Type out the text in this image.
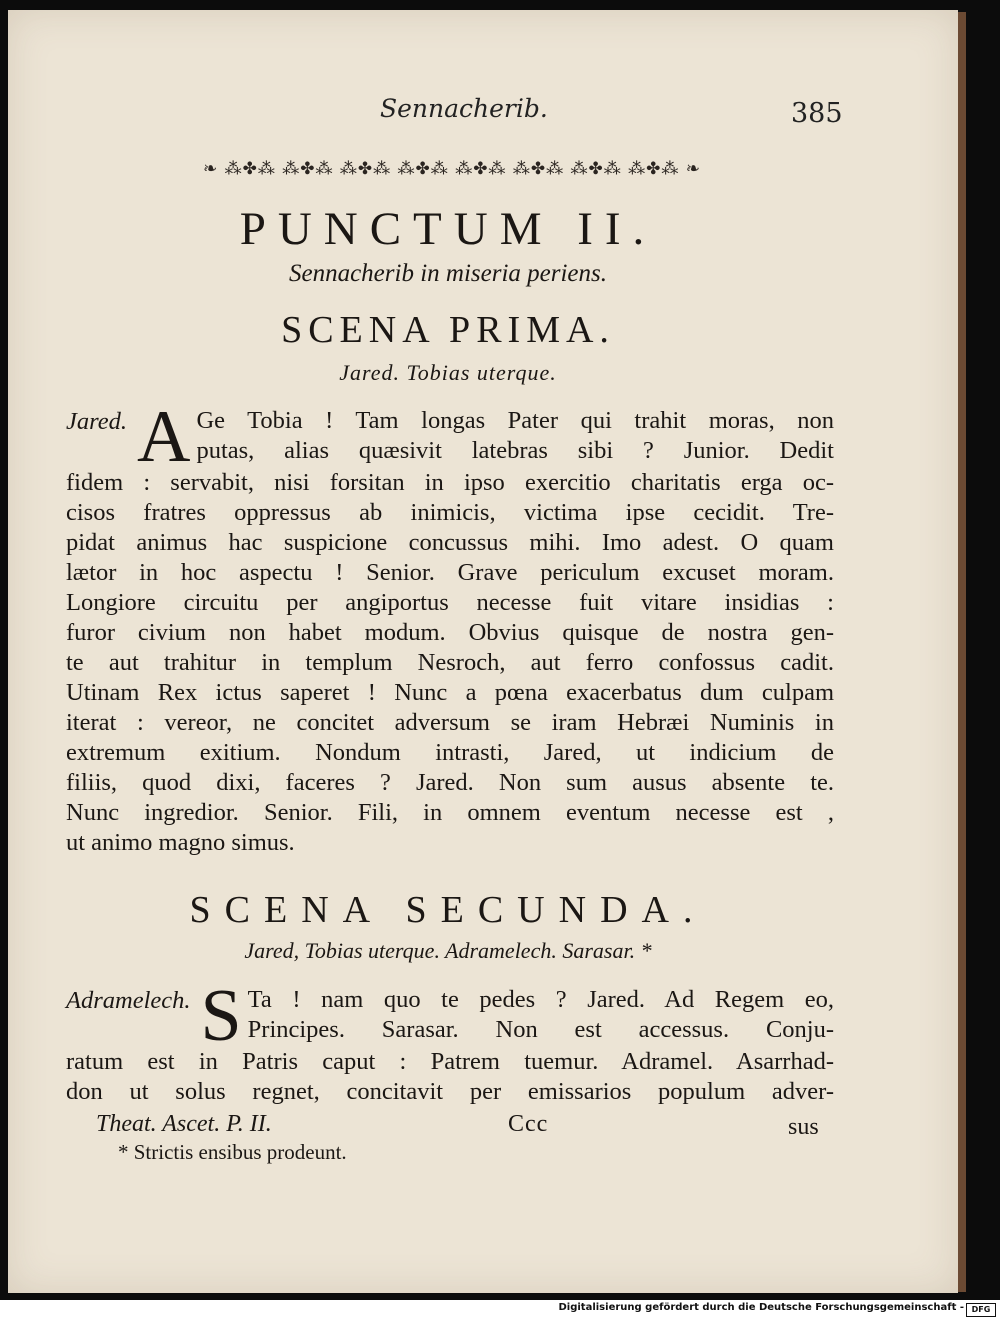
Sennacherib.	385
❧ ⁂✤⁂ ⁂✤⁂ ⁂✤⁂ ⁂✤⁂ ⁂✤⁂ ⁂✤⁂ ⁂✤⁂ ⁂✤⁂ ❧
PUNCTUM II.
Sennacherib in miseria periens.
SCENA PRIMA.
Jared. Tobias uterque.
Jared. A Ge Tobia ! Tam longas Pater qui trahit moras, non
putas, alias quæsivit latebras sibi ? Junior. Dedit
fidem : servabit, nisi forsitan in ipso exercitio charitatis erga oc-
cisos fratres oppressus ab inimicis, victima ipse cecidit. Tre-
pidat animus hac suspicione concussus mihi. Imo adest. O quam
lætor in hoc aspectu ! Senior. Grave periculum excuset moram.
Longiore circuitu per angiportus necesse fuit vitare insidias :
furor civium non habet modum. Obvius quisque de nostra gen-
te aut trahitur in templum Nesroch, aut ferro confossus cadit.
Utinam Rex ictus saperet ! Nunc a pœna exacerbatus dum culpam
iterat : vereor, ne concitet adversum se iram Hebræi Numinis in
extremum exitium. Nondum intrasti, Jared, ut indicium de
filiis, quod dixi, faceres ? Jared. Non sum ausus absente te.
Nunc ingredior. Senior. Fili, in omnem eventum necesse est ,
ut animo magno simus.
SCENA SECUNDA.
Jared, Tobias uterque. Adramelech. Sarasar. *
Adramelech. S Ta ! nam quo te pedes ? Jared. Ad Regem eo,
Principes. Sarasar. Non est accessus. Conju-
ratum est in Patris caput : Patrem tuemur. Adramel. Asarrhad-
don ut solus regnet, concitavit per emissarios populum adver-
Theat. Ascet. P. II.	Ccc	sus
* Strictis ensibus prodeunt.
Digitalisierung gefördert durch die Deutsche Forschungsgemeinschaft - DFG
